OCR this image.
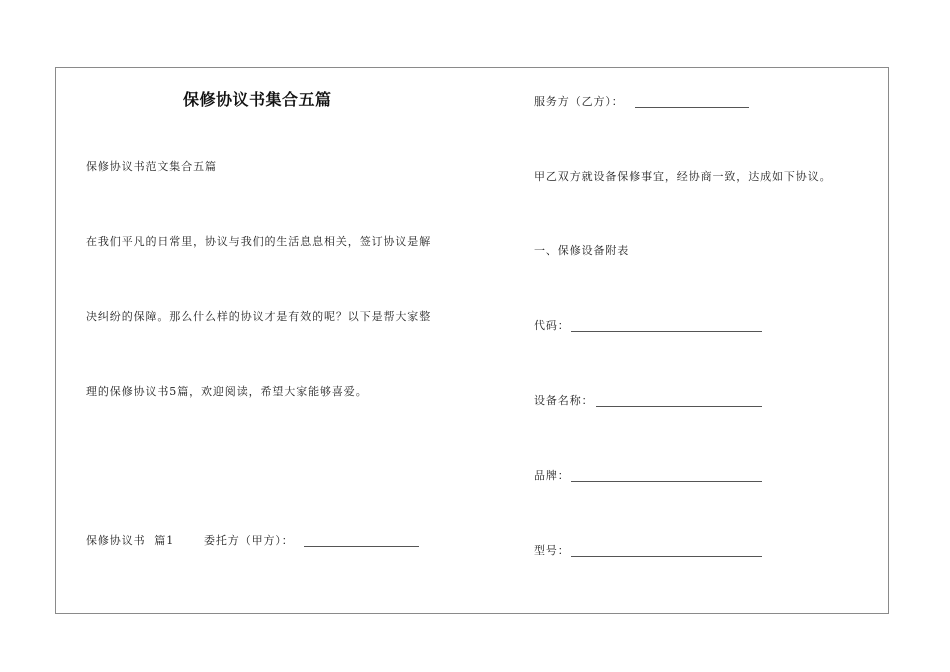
保修协议书集合五篇
保修协议书范文集合五篇
在我们平凡的日常里，协议与我们的生活息息相关，签订协议是解
决纠纷的保障。那么什么样的协议才是有效的呢？以下是帮大家整
理的保修协议书5篇，欢迎阅读，希望大家能够喜爱。
保修协议书  篇1	委托方（甲方）：
服务方（乙方）：
甲乙双方就设备保修事宜，经协商一致，达成如下协议。
一、保修设备附表
代码：
设备名称：
品牌：
型号：
